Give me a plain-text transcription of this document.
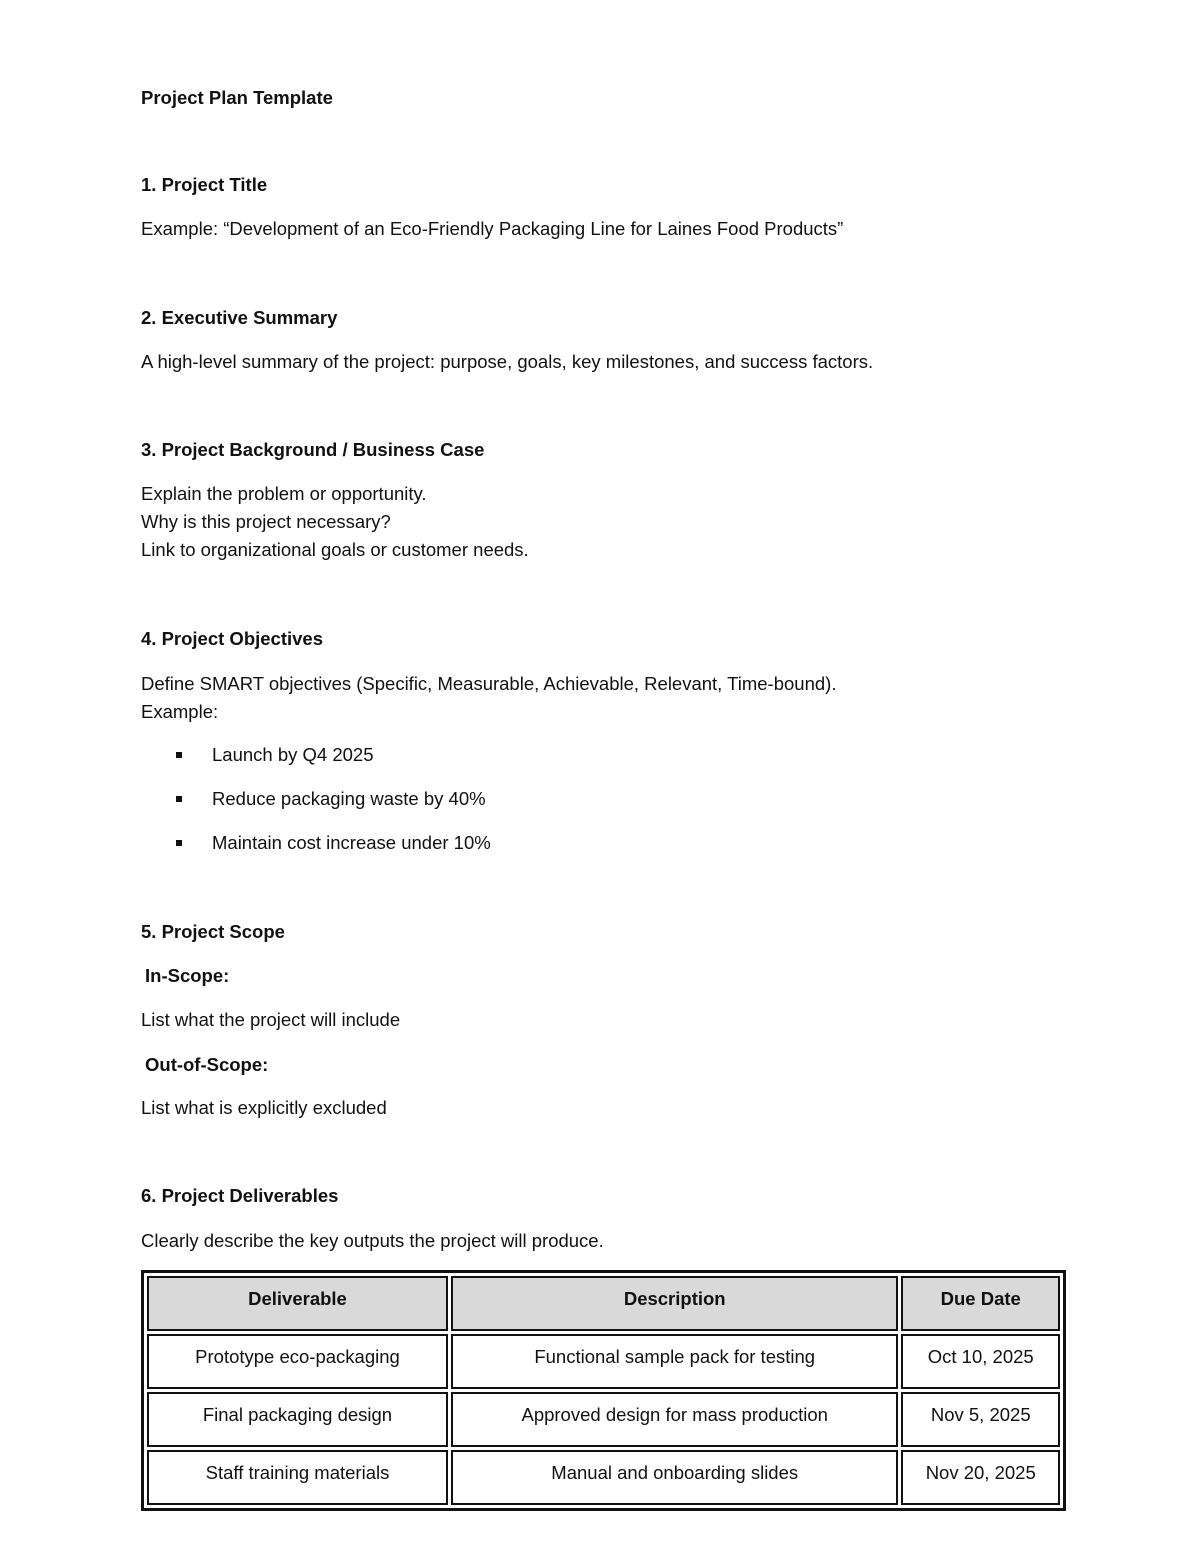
Project Plan Template
1. Project Title
Example: “Development of an Eco-Friendly Packaging Line for Laines Food Products”
2. Executive Summary
A high-level summary of the project: purpose, goals, key milestones, and success factors.
3. Project Background / Business Case
Explain the problem or opportunity.
Why is this project necessary?
Link to organizational goals or customer needs.
4. Project Objectives
Define SMART objectives (Specific, Measurable, Achievable, Relevant, Time-bound).
Example:
Launch by Q4 2025
Reduce packaging waste by 40%
Maintain cost increase under 10%
5. Project Scope
In-Scope:
List what the project will include
Out-of-Scope:
List what is explicitly excluded
6. Project Deliverables
Clearly describe the key outputs the project will produce.
Deliverable	Description	Due Date
Prototype eco-packaging	Functional sample pack for testing	Oct 10, 2025
Final packaging design	Approved design for mass production	Nov 5, 2025
Staff training materials	Manual and onboarding slides	Nov 20, 2025
